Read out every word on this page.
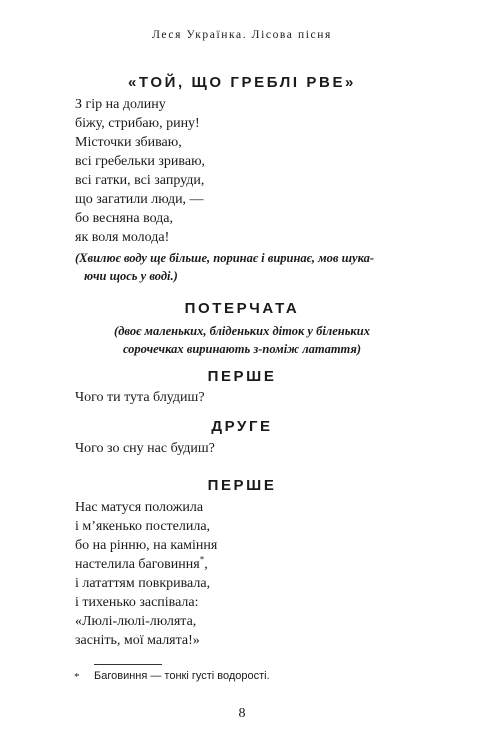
Леся Українка. Лісова пісня
«ТОЙ, ЩО ГРЕБЛІ РВЕ»
З гір на долину
біжу, стрибаю, рину!
Місточки збиваю,
всі гребельки зриваю,
всі гатки, всі запруди,
що загатили люди, —
бо весняна вода,
як воля молода!
(Хвилює воду ще більше, поринає і виринає, мов шука-
ючи щось у воді.)
ПОТЕРЧАТА
(двоє маленьких, бліденьких діток у біленьких
сорочечках виринають з-поміж латаття)
ПЕРШЕ
Чого ти тута блудиш?
ДРУГЕ
Чого зо сну нас будиш?
ПЕРШЕ
Нас матуся положила
і м’якенько постелила,
бо на рінню, на каміння
настелила баговиння*,
і лататтям повкривала,
і тихенько заспівала:
«Люлі-люлі-люлята,
засніть, мої малята!»
* Баговиння — тонкі густі водорості.
8
